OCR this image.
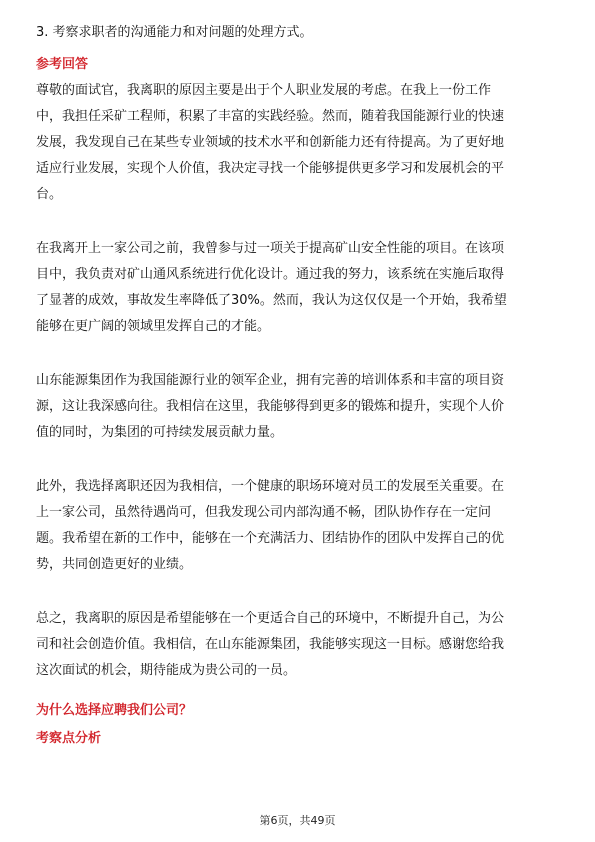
3. 考察求职者的沟通能力和对问题的处理方式。
参考回答
尊敬的面试官，我离职的原因主要是出于个人职业发展的考虑。在我上一份工作
中，我担任采矿工程师，积累了丰富的实践经验。然而，随着我国能源行业的快速
发展，我发现自己在某些专业领域的技术水平和创新能力还有待提高。为了更好地
适应行业发展，实现个人价值，我决定寻找一个能够提供更多学习和发展机会的平
台。
在我离开上一家公司之前，我曾参与过一项关于提高矿山安全性能的项目。在该项
目中，我负责对矿山通风系统进行优化设计。通过我的努力，该系统在实施后取得
了显著的成效，事故发生率降低了30%。然而，我认为这仅仅是一个开始，我希望
能够在更广阔的领域里发挥自己的才能。
山东能源集团作为我国能源行业的领军企业，拥有完善的培训体系和丰富的项目资
源，这让我深感向往。我相信在这里，我能够得到更多的锻炼和提升，实现个人价
值的同时，为集团的可持续发展贡献力量。
此外，我选择离职还因为我相信，一个健康的职场环境对员工的发展至关重要。在
上一家公司，虽然待遇尚可，但我发现公司内部沟通不畅，团队协作存在一定问
题。我希望在新的工作中，能够在一个充满活力、团结协作的团队中发挥自己的优
势，共同创造更好的业绩。
总之，我离职的原因是希望能够在一个更适合自己的环境中，不断提升自己，为公
司和社会创造价值。我相信，在山东能源集团，我能够实现这一目标。感谢您给我
这次面试的机会，期待能成为贵公司的一员。
为什么选择应聘我们公司？
考察点分析
第6页，共49页
